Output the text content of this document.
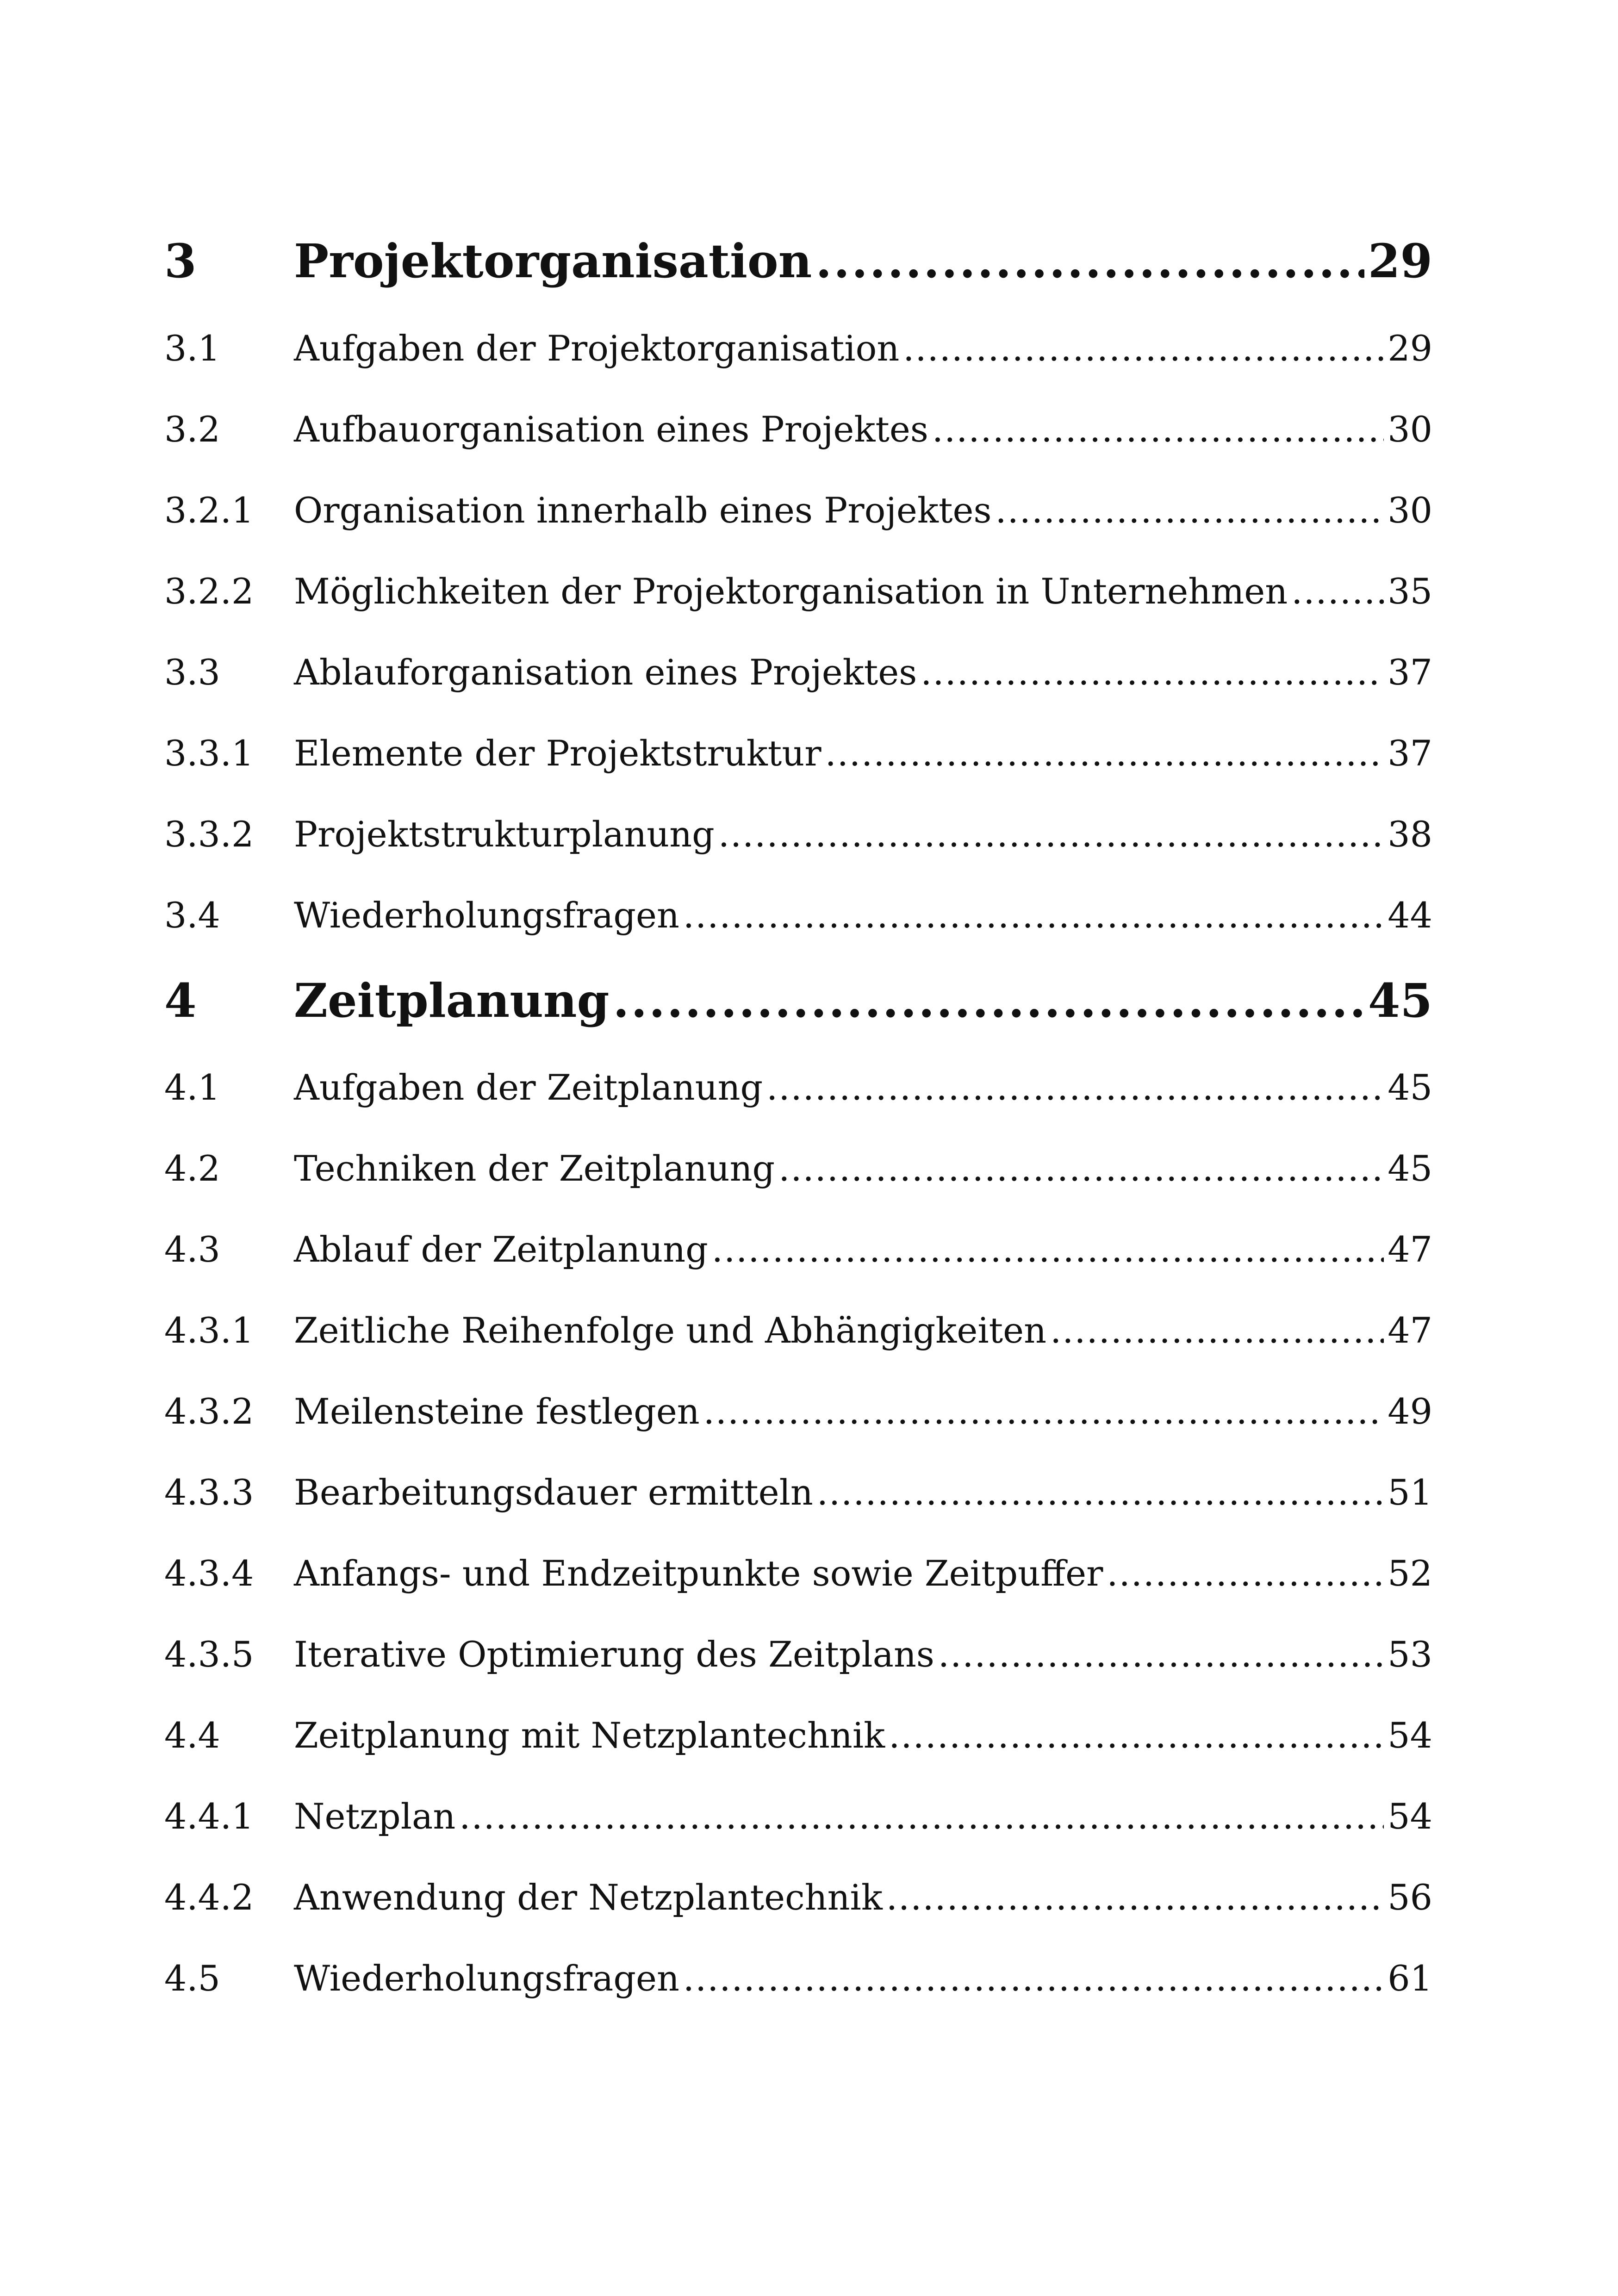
3	Projektorganisation .....	29
3.1	Aufgaben der Projektorganisation .....	29
3.2	Aufbauorganisation eines Projektes .....	30
3.2.1	Organisation innerhalb eines Projektes .....	30
3.2.2	Möglichkeiten der Projektorganisation in Unternehmen .....	35
3.3	Ablauforganisation eines Projektes .....	37
3.3.1	Elemente der Projektstruktur .....	37
3.3.2	Projektstrukturplanung .....	38
3.4	Wiederholungsfragen .....	44
4	Zeitplanung .....	45
4.1	Aufgaben der Zeitplanung .....	45
4.2	Techniken der Zeitplanung .....	45
4.3	Ablauf der Zeitplanung .....	47
4.3.1	Zeitliche Reihenfolge und Abhängigkeiten .....	47
4.3.2	Meilensteine festlegen .....	49
4.3.3	Bearbeitungsdauer ermitteln .....	51
4.3.4	Anfangs- und Endzeitpunkte sowie Zeitpuffer .....	52
4.3.5	Iterative Optimierung des Zeitplans .....	53
4.4	Zeitplanung mit Netzplantechnik .....	54
4.4.1	Netzplan .....	54
4.4.2	Anwendung der Netzplantechnik .....	56
4.5	Wiederholungsfragen .....	61
